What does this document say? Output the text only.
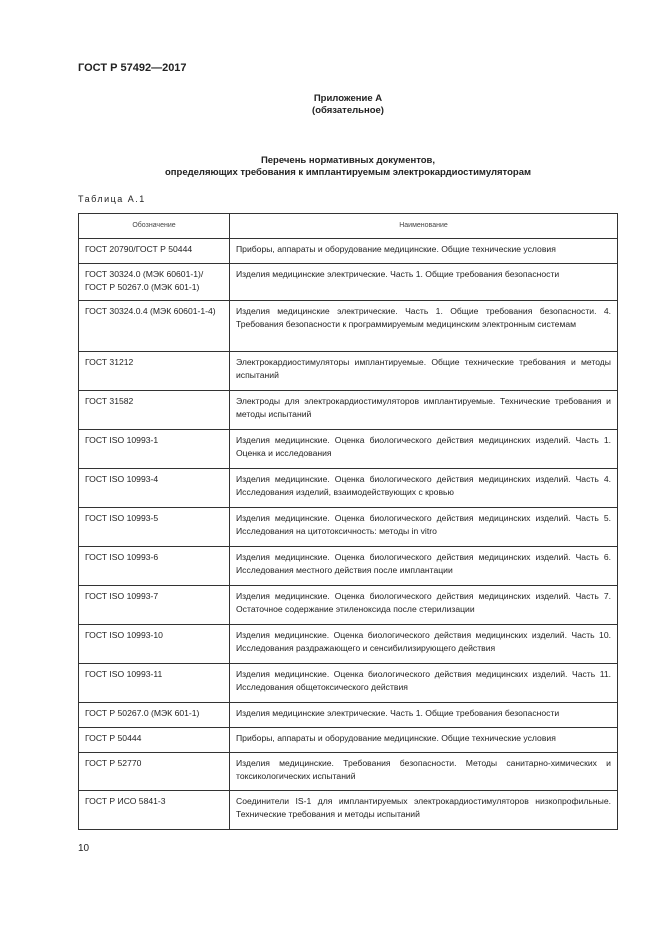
ГОСТ Р 57492—2017
Приложение А
(обязательное)
Перечень нормативных документов,
определяющих требования к имплантируемым электрокардиостимуляторам
Таблица А.1
Обозначение	Наименование
ГОСТ 20790/ГОСТ Р 50444	Приборы, аппараты и оборудование медицинские. Общие технические условия
ГОСТ 30324.0 (МЭК 60601-1)/ ГОСТ Р 50267.0 (МЭК 601-1)	Изделия медицинские электрические. Часть 1. Общие требования безопасности
ГОСТ 30324.0.4 (МЭК 60601-1-4)	Изделия медицинские электрические. Часть 1. Общие требования безопасности. 4. Требования безопасности к программируемым медицинским электронным системам
ГОСТ 31212	Электрокардиостимуляторы имплантируемые. Общие технические требования и методы испытаний
ГОСТ 31582	Электроды для электрокардиостимуляторов имплантируемые. Технические требования и методы испытаний
ГОСТ ISO 10993-1	Изделия медицинские. Оценка биологического действия медицинских изделий. Часть 1. Оценка и исследования
ГОСТ ISO 10993-4	Изделия медицинские. Оценка биологического действия медицинских изделий. Часть 4. Исследования изделий, взаимодействующих с кровью
ГОСТ ISO 10993-5	Изделия медицинские. Оценка биологического действия медицинских изделий. Часть 5. Исследования на цитотоксичность: методы in vitro
ГОСТ ISO 10993-6	Изделия медицинские. Оценка биологического действия медицинских изделий. Часть 6. Исследования местного действия после имплантации
ГОСТ ISO 10993-7	Изделия медицинские. Оценка биологического действия медицинских изделий. Часть 7. Остаточное содержание этиленоксида после стерилизации
ГОСТ ISO 10993-10	Изделия медицинские. Оценка биологического действия медицинских изделий. Часть 10. Исследования раздражающего и сенсибилизирующего действия
ГОСТ ISO 10993-11	Изделия медицинские. Оценка биологического действия медицинских изделий. Часть 11. Исследования общетоксического действия
ГОСТ Р 50267.0 (МЭК 601-1)	Изделия медицинские электрические. Часть 1. Общие требования безопасности
ГОСТ Р 50444	Приборы, аппараты и оборудование медицинские. Общие технические условия
ГОСТ Р 52770	Изделия медицинские. Требования безопасности. Методы санитарно-химических и токсикологических испытаний
ГОСТ Р ИСО 5841-3	Соединители IS-1 для имплантируемых электрокардиостимуляторов низкопрофильные. Технические требования и методы испытаний
10
